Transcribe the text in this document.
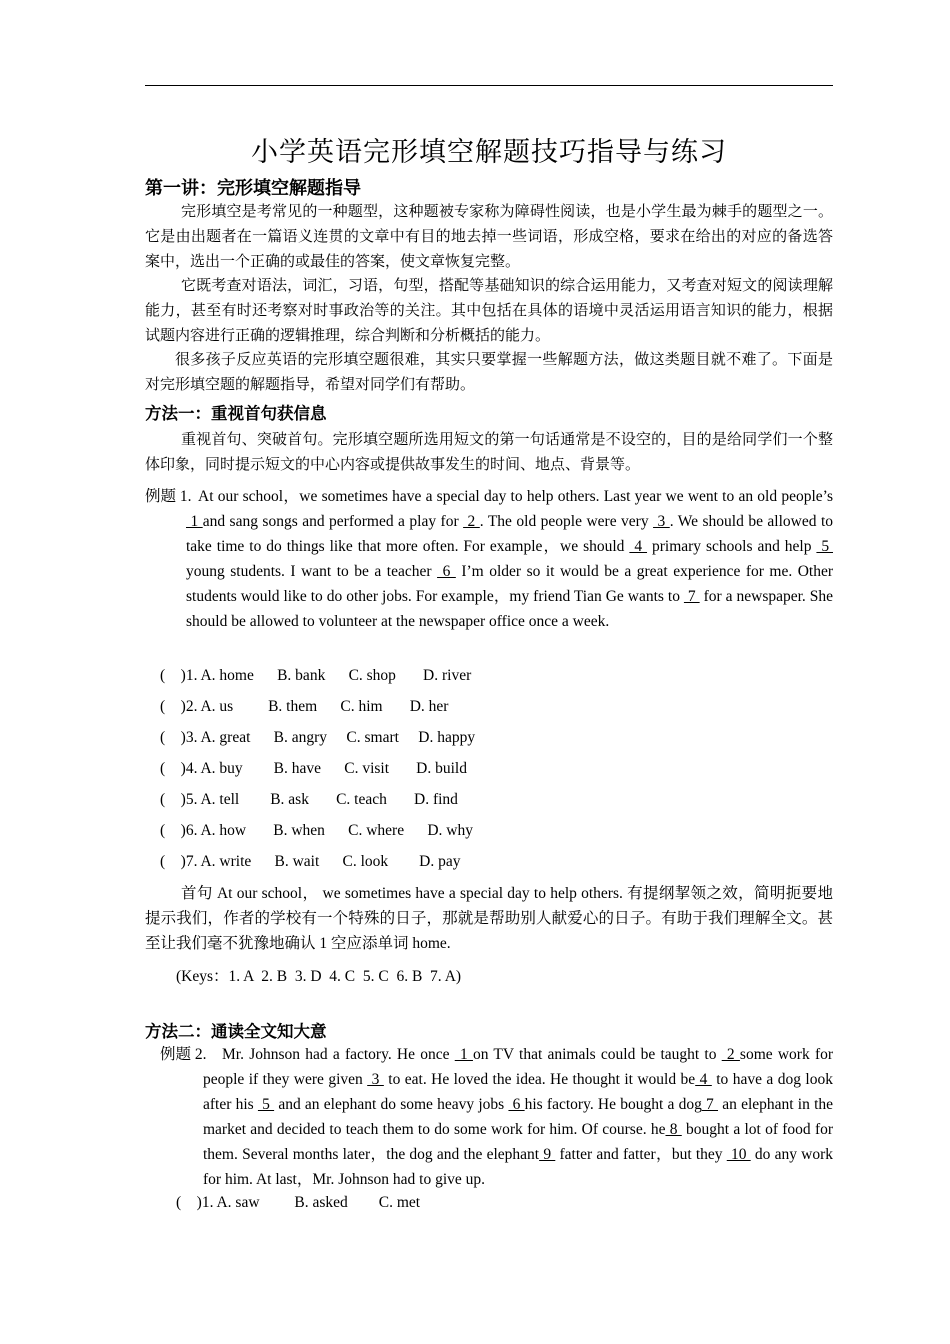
小学英语完形填空解题技巧指导与练习
第一讲：完形填空解题指导
完形填空是考常见的一种题型，这种题被专家称为障碍性阅读，也是小学生最为棘手的题型之一。它是由出题者在一篇语义连贯的文章中有目的地去掉一些词语，形成空格，要求在给出的对应的备选答案中，选出一个正确的或最佳的答案，使文章恢复完整。
它既考查对语法，词汇，习语，句型，搭配等基础知识的综合运用能力，又考查对短文的阅读理解能力，甚至有时还考察对时事政治等的关注。其中包括在具体的语境中灵活运用语言知识的能力，根据试题内容进行正确的逻辑推理，综合判断和分析概括的能力。
很多孩子反应英语的完形填空题很难，其实只要掌握一些解题方法，做这类题目就不难了。下面是对完形填空题的解题指导，希望对同学们有帮助。
方法一：重视首句获信息
重视首句、突破首句。完形填空题所选用短文的第一句话通常是不设空的，目的是给同学们一个整体印象，同时提示短文的中心内容或提供故事发生的时间、地点、背景等。
例题 1. At our school，we sometimes have a special day to help others. Last year we went to an old people’s 1 and sang songs and performed a play for  2 . The old people were very  3 . We should be allowed to take time to do things like that more often. For example，we should  4  primary schools and help  5  young students. I want to be a teacher  6  I’m older so it would be a great experience for me. Other students would like to do other jobs. For example，my friend Tian Ge wants to  7  for a newspaper. She should be allowed to volunteer at the newspaper office once a week.
(    )1. A. home      B. bank      C. shop       D. river
(    )2. A. us         B. them      C. him       D. her
(    )3. A. great      B. angry     C. smart     D. happy
(    )4. A. buy        B. have      C. visit       D. build
(    )5. A. tell        B. ask       C. teach       D. find
(    )6. A. how       B. when      C. where      D. why
(    )7. A. write      B. wait      C. look        D. pay
首句 At our school， we sometimes have a special day to help others. 有提纲挈领之效，简明扼要地提示我们，作者的学校有一个特殊的日子，那就是帮助别人献爱心的日子。有助于我们理解全文。甚至让我们毫不犹豫地确认 1 空应添单词 home.
(Keys：1. A  2. B  3. D  4. C  5. C  6. B  7. A)
方法二：通读全文知大意
例题 2. Mr. Johnson had a factory. He once  1 on TV that animals could be taught to  2 some work for people if they were given  3  to eat. He loved the idea. He thought it would be 4  to have a dog look after his  5  and an elephant do some heavy jobs  6 his factory. He bought a dog 7  an elephant in the market and decided to teach them to do some work for him. Of course. he 8  bought a lot of food for them. Several months later，the dog and the elephant 9  fatter and fatter，but they  10  do any work for him. At last，Mr. Johnson had to give up.
(    )1. A. saw         B. asked        C. met
